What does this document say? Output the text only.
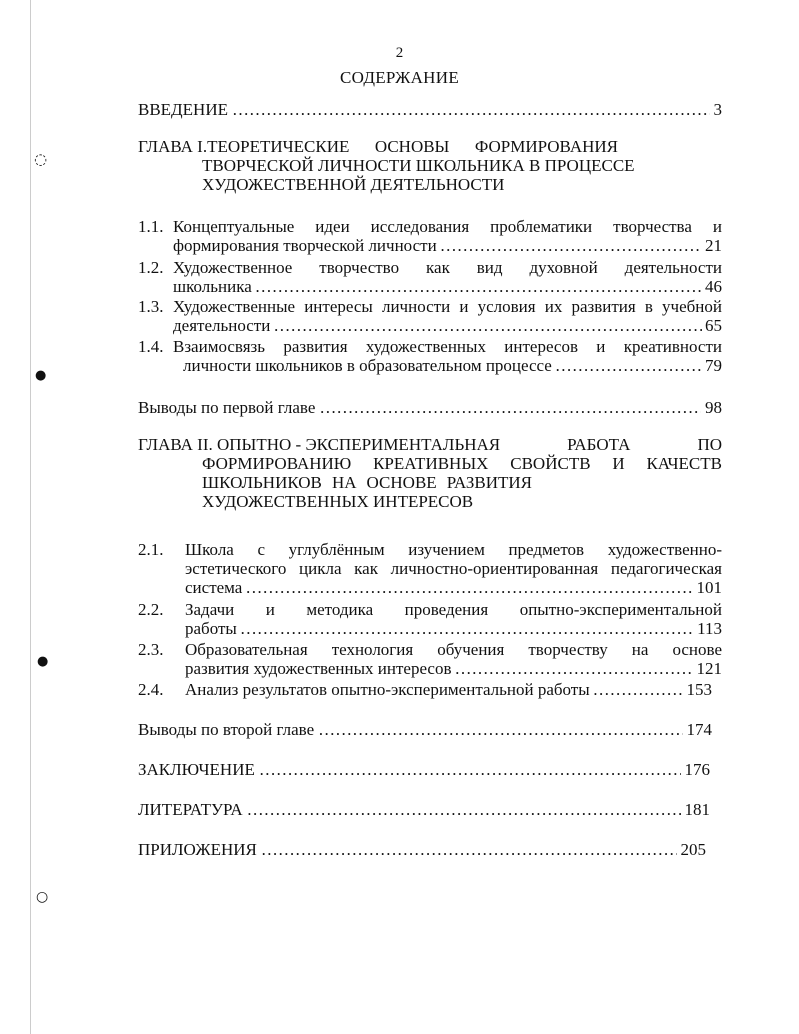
◌
●
●
○
2
СОДЕРЖАНИЕ
ВВЕДЕНИЕ ………………………………………………………………………………………………………………………………………………………………………………………	3
ГЛАВА I.ТЕОРЕТИЧЕСКИЕ ОСНОВЫ ФОРМИРОВАНИЯ
ТВОРЧЕСКОЙ ЛИЧНОСТИ ШКОЛЬНИКА В ПРОЦЕССЕ
ХУДОЖЕСТВЕННОЙ ДЕЯТЕЛЬНОСТИ
1.1. Концептуальные идеи исследования проблематики творчества и
формирования творческой личности ………………………………………………………………………………………………………………………………………………………………………	21
1.2. Художественное творчество как вид духовной деятельности
школьника ………………………………………………………………………………………………………………………………………………………………………	46
1.3. Художественные интересы личности и условия их развития в учебной
деятельности ………………………………………………………………………………………………………………………………………………………………………	65
1.4. Взаимосвязь развития художественных интересов и креативности
личности школьников в образовательном процессе ………………………………………………………………………………………………………………………………………………………………………	79
Выводы по первой главе ………………………………………………………………………………………………………………………………………………………………………………………	98
ГЛАВА II. ОПЫТНО - ЭКСПЕРИМЕНТАЛЬНАЯ	РАБОТА	ПО
ФОРМИРОВАНИЮ КРЕАТИВНЫХ СВОЙСТВ И КАЧЕСТВ
ШКОЛЬНИКОВ НА ОСНОВЕ РАЗВИТИЯ
ХУДОЖЕСТВЕННЫХ ИНТЕРЕСОВ
2.1. Школа с углублённым изучением предметов художественно-
эстетического цикла как личностно-ориентированная педагогическая
система ………………………………………………………………………………………………………………………………………………………………………	101
2.2. Задачи и методика проведения опытно-экспериментальной
работы ………………………………………………………………………………………………………………………………………………………………………	113
2.3. Образовательная технология обучения творчеству на основе
развития художественных интересов ………………………………………………………………………………………………………………………………………………………………………	121
2.4. Анализ результатов опытно-экспериментальной работы ………………………………………………………………………………………………………………………………………………………………………	153
Выводы по второй главе ………………………………………………………………………………………………………………………………………………………………………………………	174
ЗАКЛЮЧЕНИЕ ………………………………………………………………………………………………………………………………………………………………………………………	176
ЛИТЕРАТУРА ………………………………………………………………………………………………………………………………………………………………………………………	181
ПРИЛОЖЕНИЯ ………………………………………………………………………………………………………………………………………………………………………………………	205
